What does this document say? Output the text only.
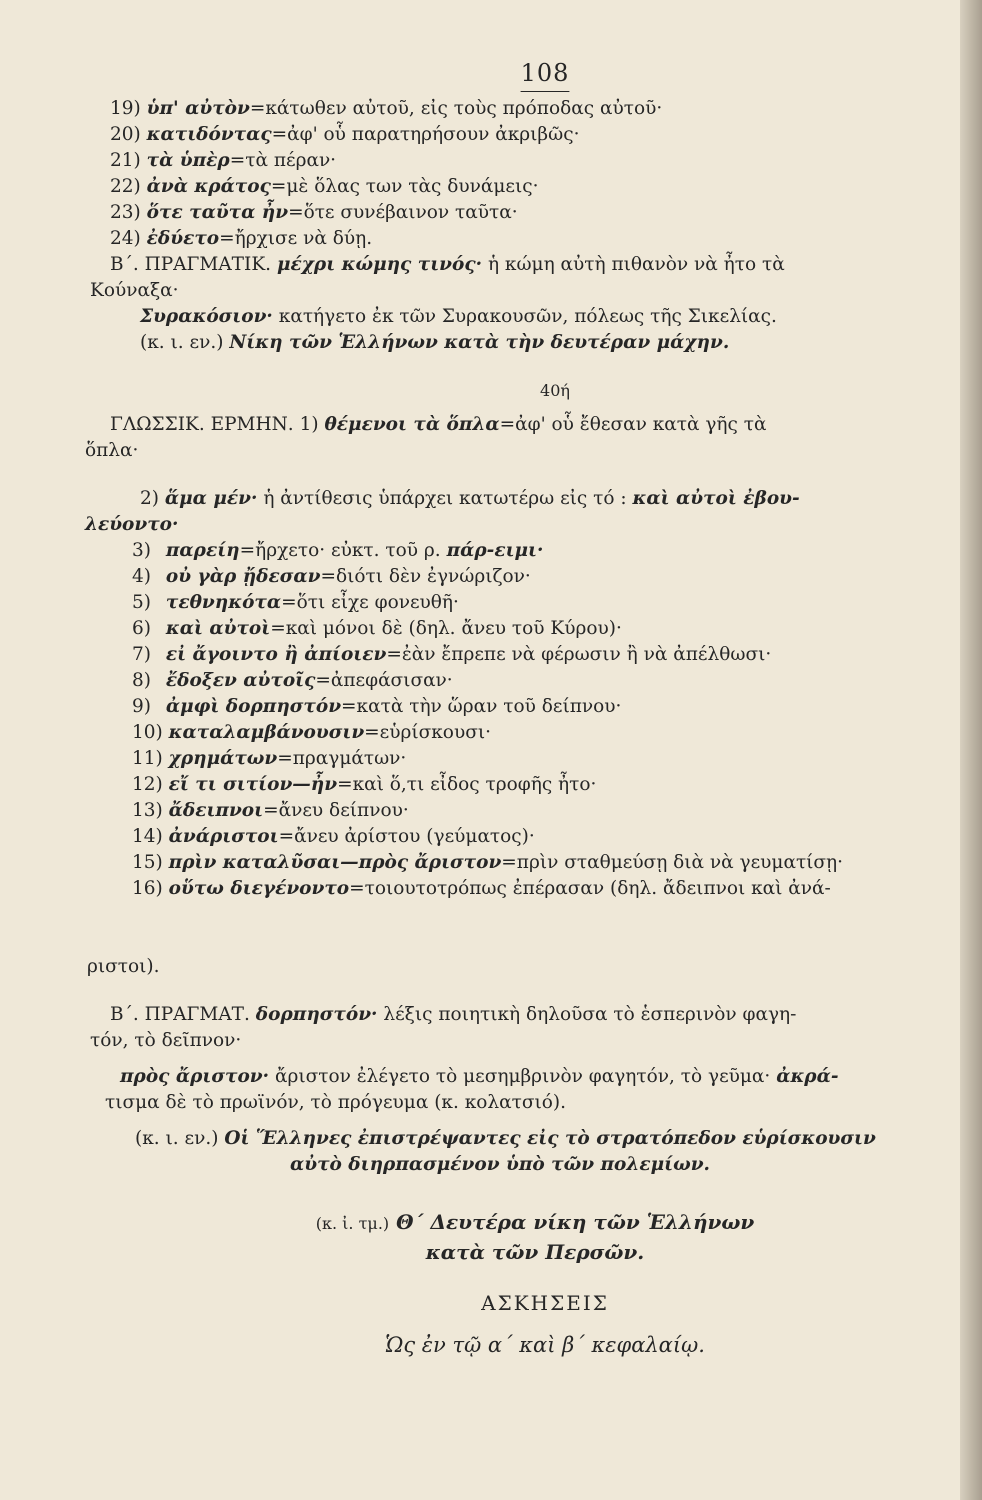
108
19) ὑπ' αὐτὸν=κάτωθεν αὐτοῦ, εἰς τοὺς πρόποδας αὐτοῦ·
20) κατιδόντας=ἀφ' οὗ παρατηρήσουν ἀκριβῶς·
21) τὰ ὑπὲρ=τὰ πέραν·
22) ἀνὰ κράτος=μὲ ὅλας των τὰς δυνάμεις·
23) ὅτε ταῦτα ἦν=ὅτε συνέβαινον ταῦτα·
24) ἐδύετο=ἤρχισε νὰ δύῃ.
Β΄. ΠΡΑΓΜΑΤΙΚ. μέχρι κώμης τινός· ἡ κώμη αὐτὴ πιθανὸν νὰ ἦτο τὰ
Κούναξα·
Συρακόσιον· κατήγετο ἐκ τῶν Συρακουσῶν, πόλεως τῆς Σικελίας.
(κ. ι. εν.) Νίκη τῶν Ἑλλήνων κατὰ τὴν δευτέραν μάχην.
40ή
ΓΛΩΣΣΙΚ. ΕΡΜΗΝ. 1) θέμενοι τὰ ὅπλα=ἀφ' οὗ ἔθεσαν κατὰ γῆς τὰ
ὅπλα·
2) ἅμα μέν· ἡ ἀντίθεσις ὑπάρχει κατωτέρω εἰς τό : καὶ αὐτοὶ ἐβου-
λεύοντο·
3) παρείη=ἤρχετο· εὐκτ. τοῦ ρ. πάρ-ειμι·
4) οὐ γὰρ ᾔδεσαν=διότι δὲν ἐγνώριζον·
5) τεθνηκότα=ὅτι εἶχε φονευθῆ·
6) καὶ αὐτοὶ=καὶ μόνοι δὲ (δηλ. ἄνευ τοῦ Κύρου)·
7) εἰ ἄγοιντο ἢ ἀπίοιεν=ἐὰν ἔπρεπε νὰ φέρωσιν ἢ νὰ ἀπέλθωσι·
8) ἔδοξεν αὐτοῖς=ἀπεφάσισαν·
9) ἀμφὶ δορπηστόν=κατὰ τὴν ὥραν τοῦ δείπνου·
10) καταλαμβάνουσιν=εὑρίσκουσι·
11) χρημάτων=πραγμάτων·
12) εἴ τι σιτίον—ἦν=καὶ ὅ,τι εἶδος τροφῆς ἦτο·
13) ἄδειπνοι=ἄνευ δείπνου·
14) ἀνάριστοι=ἄνευ ἀρίστου (γεύματος)·
15) πρὶν καταλῦσαι—πρὸς ἄριστον=πρὶν σταθμεύσῃ διὰ νὰ γευματίσῃ·
16) οὕτω διεγένοντο=τοιουτοτρόπως ἐπέρασαν (δηλ. ἄδειπνοι καὶ ἀνά-
ριστοι).
Β΄. ΠΡΑΓΜΑΤ. δορπηστόν· λέξις ποιητικὴ δηλοῦσα τὸ ἑσπερινὸν φαγη-
τόν, τὸ δεῖπνον·
πρὸς ἄριστον· ἄριστον ἐλέγετο τὸ μεσημβρινὸν φαγητόν, τὸ γεῦμα· ἀκρά-
τισμα δὲ τὸ πρωϊνόν, τὸ πρόγευμα (κ. κολατσιό).
(κ. ι. εν.) Οἱ Ἕλληνες ἐπιστρέψαντες εἰς τὸ στρατόπεδον εὑρίσκουσιν
αὐτὸ διηρπασμένον ὑπὸ τῶν πολεμίων.
(κ. ἰ. τμ.) Θ΄ Δευτέρα νίκη τῶν Ἑλλήνων
κατὰ τῶν Περσῶν.
ΑΣΚΗΣΕΙΣ
Ὡς ἐν τῷ α΄ καὶ β΄ κεφαλαίῳ.
